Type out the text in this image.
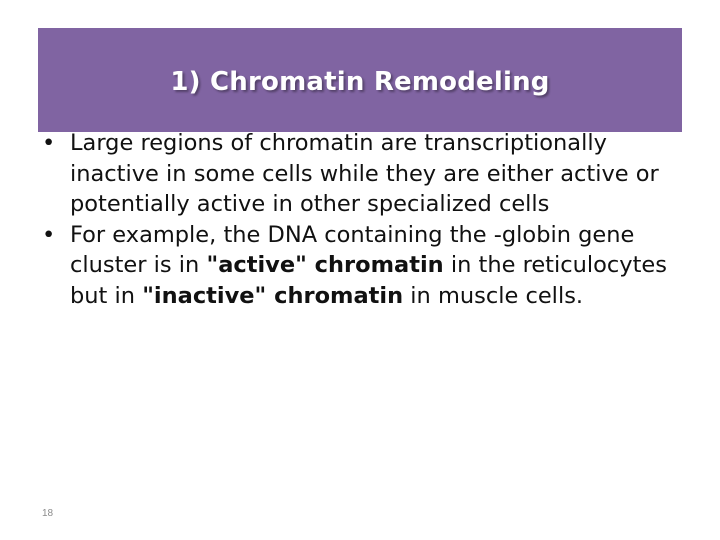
1) Chromatin Remodeling
• Large regions of chromatin are transcriptionally inactive in some cells while they are either active or potentially active in other specialized cells
• For example, the DNA containing the -globin gene cluster is in "active" chromatin in the reticulocytes but in "inactive" chromatin in muscle cells.
18
